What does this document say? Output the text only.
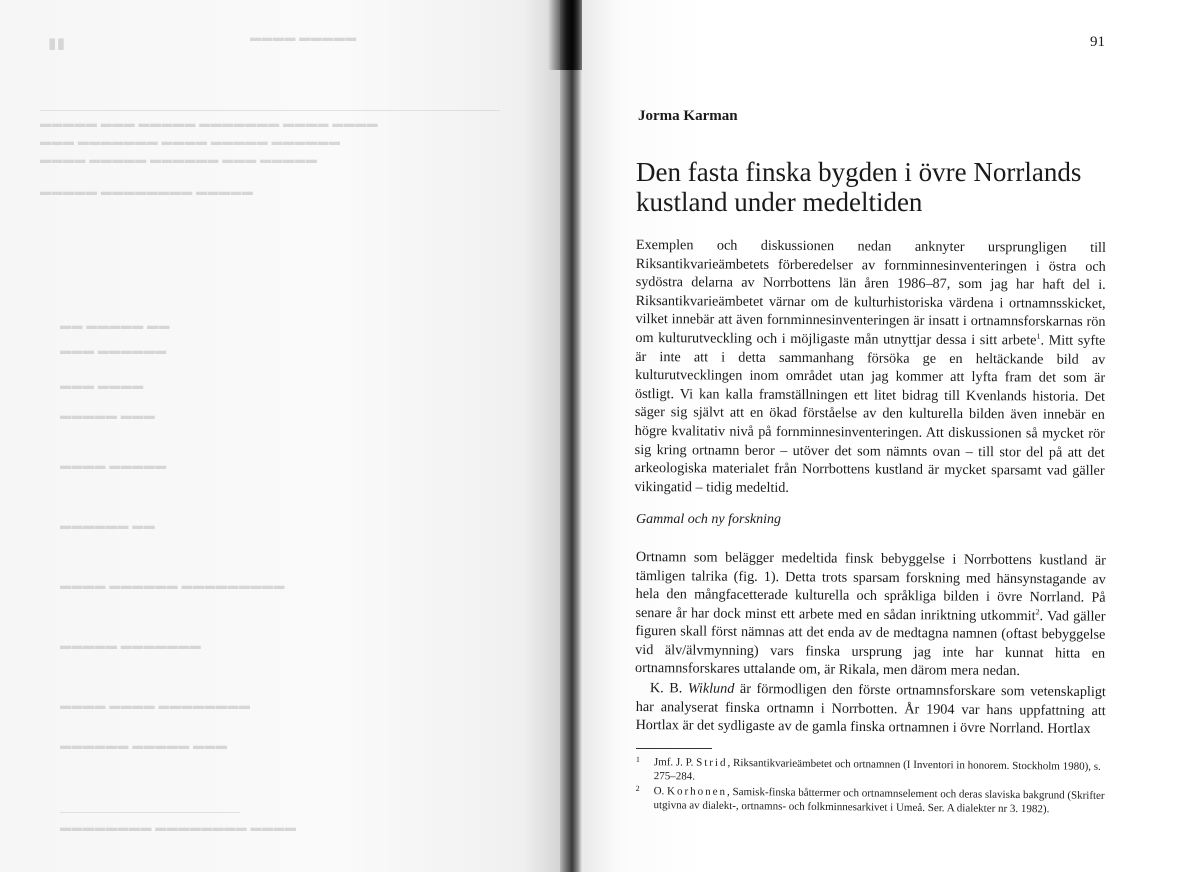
▮▮	▬▬▬▬ ▬▬▬▬▬
▬▬▬▬▬ ▬▬▬ ▬▬▬▬▬ ▬▬▬▬▬▬▬ ▬▬▬▬ ▬▬▬▬
▬▬▬ ▬▬▬▬▬▬▬ ▬▬▬▬ ▬▬▬▬▬ ▬▬▬▬▬▬
▬▬▬▬ ▬▬▬▬▬ ▬▬▬▬▬▬ ▬▬▬ ▬▬▬▬▬
▬▬▬▬▬ ▬▬▬▬▬▬▬▬ ▬▬▬▬▬
▬▬ ▬▬▬▬▬ ▬▬
▬▬▬ ▬▬▬▬▬▬
▬▬▬ ▬▬▬▬
▬▬▬▬▬ ▬▬▬
▬▬▬▬ ▬▬▬▬▬
▬▬▬▬▬▬ ▬▬
▬▬▬▬ ▬▬▬▬▬▬ ▬▬▬▬▬▬▬▬▬
▬▬▬▬▬ ▬▬▬▬▬▬▬
▬▬▬▬ ▬▬▬▬ ▬▬▬▬▬▬▬▬
▬▬▬▬▬▬ ▬▬▬▬▬ ▬▬▬
▬▬▬▬▬▬▬▬ ▬▬▬▬▬▬▬▬ ▬▬▬▬
91
Jorma Karman
Den fasta finska bygden i övre Norrlands kustland under medeltiden

Exemplen och diskussionen nedan anknyter ursprungligen till Riksantikvarieämbetets förberedelser av fornminnesinventeringen i östra och sydöstra delarna av Norrbottens län åren 1986–87, som jag har haft del i. Riksantikvarieämbetet värnar om de kulturhistoriska värdena i ortnamnsskicket, vilket innebär att även fornminnesinventeringen är insatt i ortnamnsforskarnas rön om kulturutveckling och i möjligaste mån utnyttjar dessa i sitt arbete$^1$. Mitt syfte är inte att i detta sammanhang försöka ge en heltäckande bild av kulturutvecklingen inom området utan jag kommer att lyfta fram det som är östligt. Vi kan kalla framställningen ett litet bidrag till Kvenlands historia. Det säger sig självt att en ökad förståelse av den kulturella bilden även innebär en högre kvalitativ nivå på fornminnesinventeringen. Att diskussionen så mycket rör sig kring ortnamn beror – utöver det som nämnts ovan – till stor del på att det arkeologiska materialet från Norrbottens kustland är mycket sparsamt vad gäller vikingatid – tidig medeltid.

Gammal och ny forskning

Ortnamn som belägger medeltida finsk bebyggelse i Norrbottens kustland är tämligen talrika (fig. 1). Detta trots sparsam forskning med hänsynstagande av hela den mångfacetterade kulturella och språkliga bilden i övre Norrland. På senare år har dock minst ett arbete med en sådan inriktning utkommit$^2$. Vad gäller figuren skall först nämnas att det enda av de medtagna namnen (oftast bebyggelse vid älv/älvmynning) vars finska ursprung jag inte har kunnat hitta en ortnamnsforskares uttalande om, är Rikala, men därom mera nedan.

K. B. Wiklund är förmodligen den förste ortnamnsforskare som vetenskapligt har analyserat finska ortnamn i Norrbotten. År 1904 var hans uppfattning att Hortlax är det sydligaste av de gamla finska ortnamnen i övre Norrland. Hortlax

1 Jmf. J. P. Strid, Riksantikvarieämbetet och ortnamnen (I Inventori in honorem. Stockholm 1980), s. 275–284.
2 O. Korhonen, Samisk-finska båttermer och ortnamnselement och deras slaviska bakgrund (Skrifter utgivna av dialekt-, ortnamns- och folkminnesarkivet i Umeå. Ser. A dialekter nr 3. 1982).
